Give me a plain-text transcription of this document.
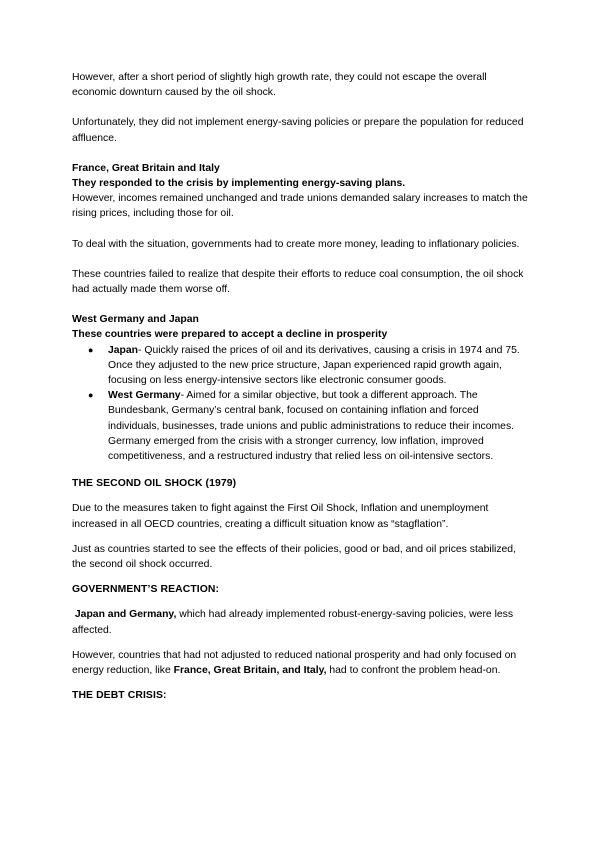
However, after a short period of slightly high growth rate, they could not escape the overall economic downturn caused by the oil shock.

Unfortunately, they did not implement energy-saving policies or prepare the population for reduced affluence.

France, Great Britain and Italy

They responded to the crisis by implementing energy-saving plans.

However, incomes remained unchanged and trade unions demanded salary increases to match the rising prices, including those for oil.

To deal with the situation, governments had to create more money, leading to inflationary policies.

These countries failed to realize that despite their efforts to reduce coal consumption, the oil shock had actually made them worse off.

West Germany and Japan

These countries were prepared to accept a decline in prosperity

● Japan- Quickly raised the prices of oil and its derivatives, causing a crisis in 1974 and 75. Once they adjusted to the new price structure, Japan experienced rapid growth again, focusing on less energy-intensive sectors like electronic consumer goods.
● West Germany- Aimed for a similar objective, but took a different approach. The Bundesbank, Germany’s central bank, focused on containing inflation and forced individuals, businesses, trade unions and public administrations to reduce their incomes. Germany emerged from the crisis with a stronger currency, low inflation, improved competitiveness, and a restructured industry that relied less on oil-intensive sectors.

THE SECOND OIL SHOCK (1979)

Due to the measures taken to fight against the First Oil Shock, Inflation and unemployment increased in all OECD countries, creating a difficult situation know as “stagflation”.

Just as countries started to see the effects of their policies, good or bad, and oil prices stabilized, the second oil shock occurred.

GOVERNMENT’S REACTION:

Japan and Germany, which had already implemented robust-energy-saving policies, were less affected.

However, countries that had not adjusted to reduced national prosperity and had only focused on energy reduction, like France, Great Britain, and Italy, had to confront the problem head-on.

THE DEBT CRISIS:
